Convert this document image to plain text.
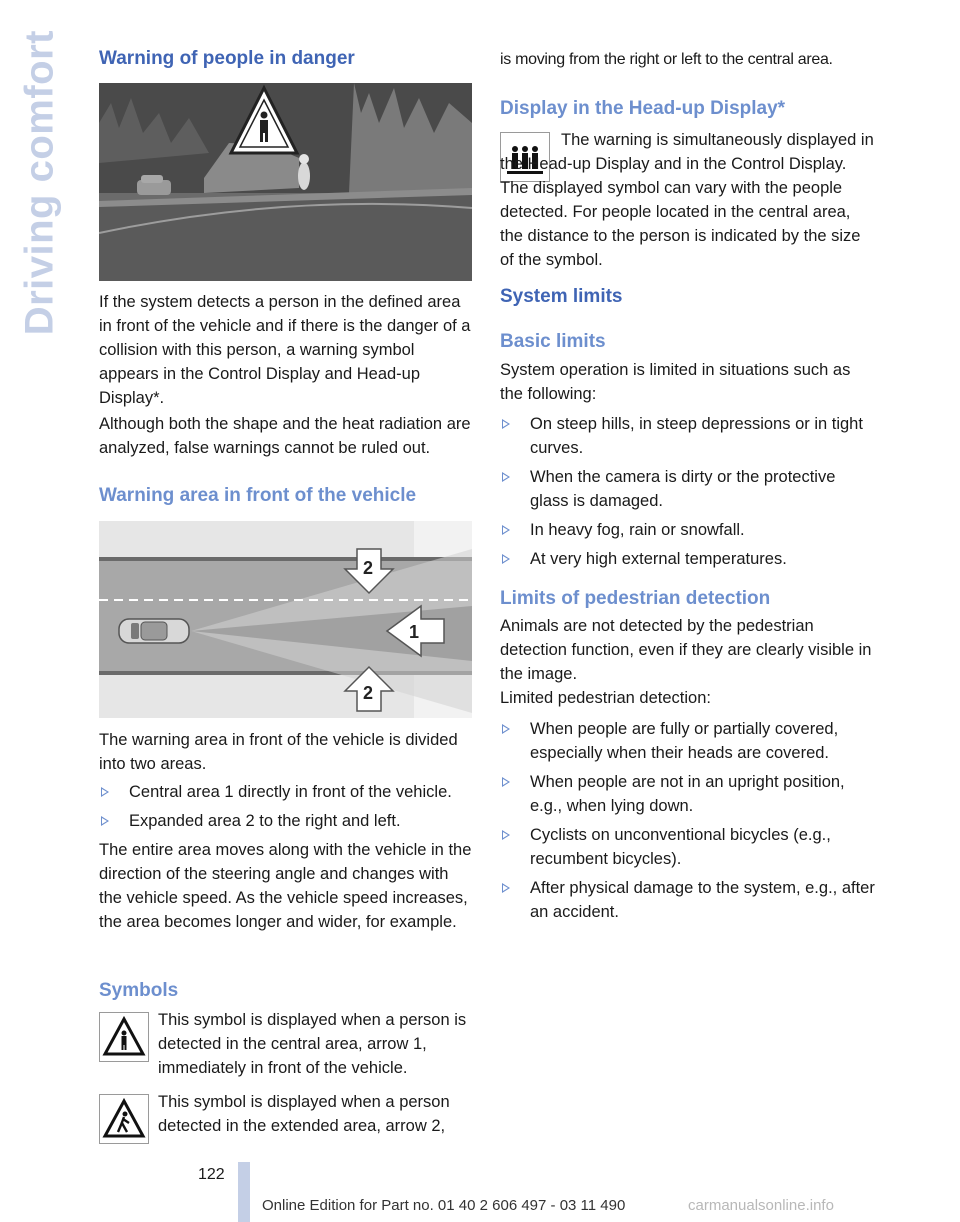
Driving comfort Warning of people in danger

If the system detects a person in the defined area in front of the vehicle and if there is the danger of a collision with this person, a warning symbol appears in the Control Display and Head-up Display*.

Although both the shape and the heat radiation are analyzed, false warnings cannot be ruled out.

Warning area in front of the vehicle
1
2
2

The warning area in front of the vehicle is divided into two areas.

Central area 1 directly in front of the vehicle.
Expanded area 2 to the right and left.

The entire area moves along with the vehicle in the direction of the steering angle and changes with the vehicle speed. As the vehicle speed increases, the area becomes longer and wider, for example.

Symbols

This symbol is displayed when a person is detected in the central area, arrow 1, immediately in front of the vehicle.

This symbol is displayed when a person detected in the extended area, arrow 2,

is moving from the right or left to the central area.

Display in the Head-up Display*

The warning is simultaneously displayed in the Head-up Display and in the Control Display. The displayed symbol can vary with the people detected. For people located in the central area, the distance to the person is indicated by the size of the symbol.

System limits
Basic limits

System operation is limited in situations such as the following:

On steep hills, in steep depressions or in tight curves.
When the camera is dirty or the protective glass is damaged.
In heavy fog, rain or snowfall.
At very high external temperatures.
Limits of pedestrian detection

Animals are not detected by the pedestrian detection function, even if they are clearly visible in the image.

Limited pedestrian detection:

When people are fully or partially covered, especially when their heads are covered.
When people are not in an upright position, e.g., when lying down.
Cyclists on unconventional bicycles (e.g., recumbent bicycles).
After physical damage to the system, e.g., after an accident.
122
Online Edition for Part no. 01 40 2 606 497 - 03 11 490	carmanualsonline.info
